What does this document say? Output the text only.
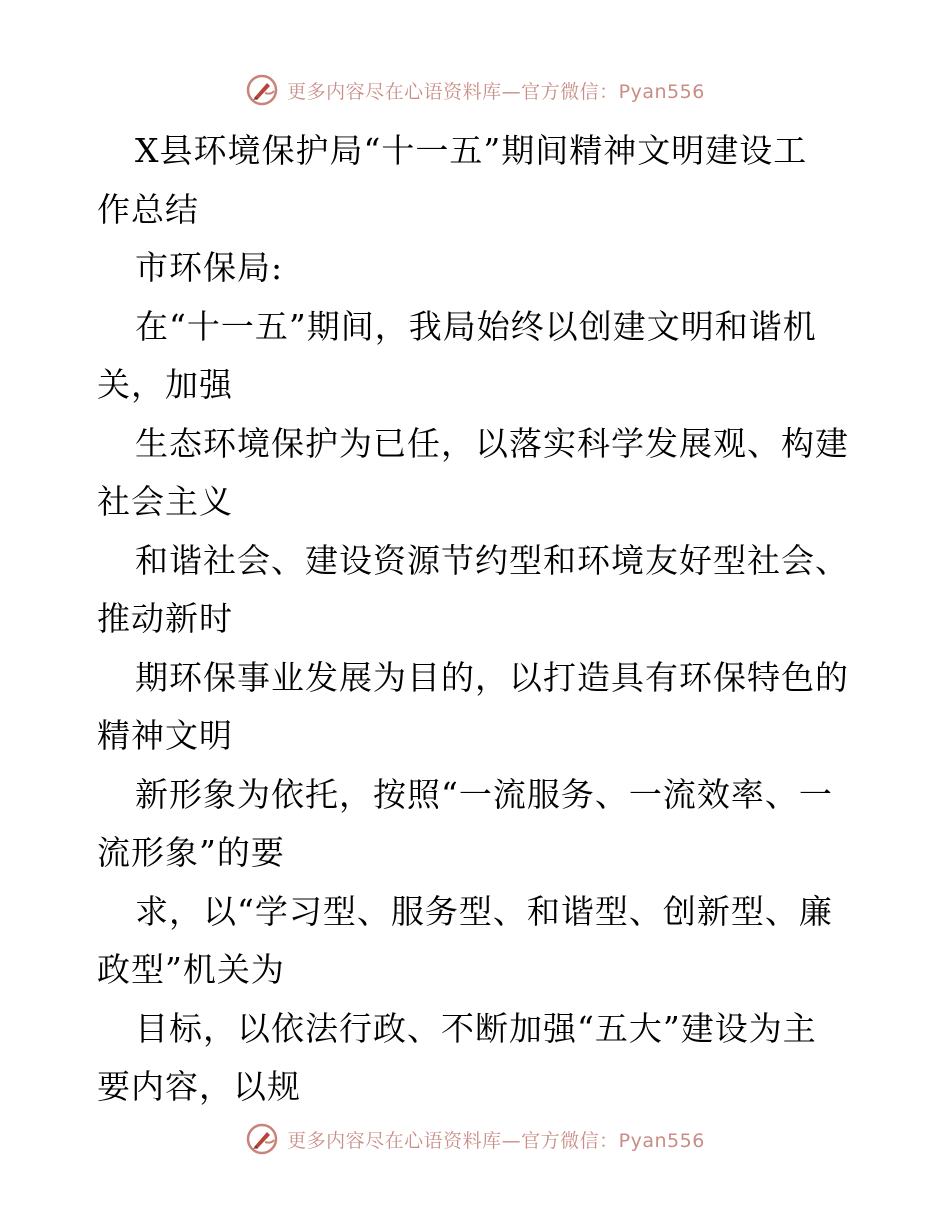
更多内容尽在心语资料库—官方微信：Pyan556
X县环境保护局“十一五”期间精神文明建设工
作总结
市环保局:
在“十一五”期间，我局始终以创建文明和谐机
关，加强
生态环境保护为已任，以落实科学发展观、构建
社会主义
和谐社会、建设资源节约型和环境友好型社会、
推动新时
期环保事业发展为目的，以打造具有环保特色的
精神文明
新形象为依托，按照“一流服务、一流效率、一
流形象”的要
求，以“学习型、服务型、和谐型、创新型、廉
政型”机关为
目标，以依法行政、不断加强“五大”建设为主
要内容，以规
更多内容尽在心语资料库—官方微信：Pyan556
